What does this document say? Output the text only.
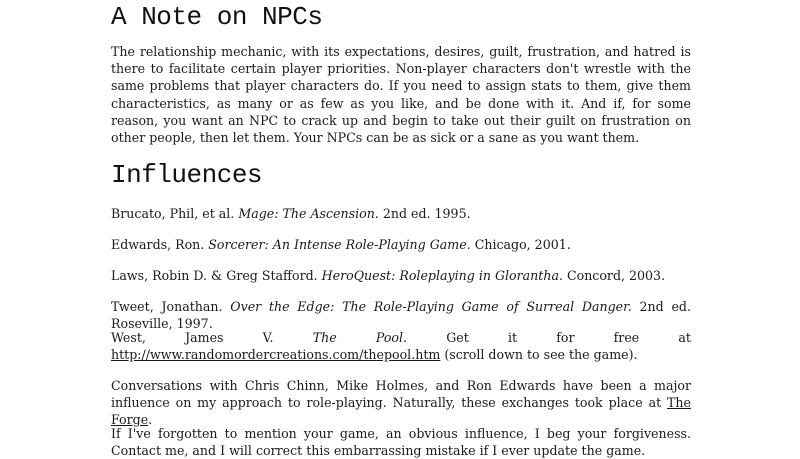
A Note on NPCs

The relationship mechanic, with its expectations, desires, guilt, frustration, and hatred is there to facilitate certain player priorities. Non-player characters don't wrestle with the same problems that player characters do. If you need to assign stats to them, give them characteristics, as many or as few as you like, and be done with it. And if, for some reason, you want an NPC to crack up and begin to take out their guilt on frustration on other people, then let them. Your NPCs can be as sick or a sane as you want them.

Influences

Brucato, Phil, et al. Mage: The Ascension. 2nd ed. 1995.

Edwards, Ron. Sorcerer: An Intense Role-Playing Game. Chicago, 2001.

Laws, Robin D. & Greg Stafford. HeroQuest: Roleplaying in Glorantha. Concord, 2003.

Tweet, Jonathan. Over the Edge: The Role-Playing Game of Surreal Danger. 2nd ed. Roseville, 1997.

West, James V. The Pool. Get it for free at http://www.randomordercreations.com/thepool.htm (scroll down to see the game).

Conversations with Chris Chinn, Mike Holmes, and Ron Edwards have been a major influence on my approach to role-playing. Naturally, these exchanges took place at The Forge.

If I've forgotten to mention your game, an obvious influence, I beg your forgiveness. Contact me, and I will correct this embarrassing mistake if I ever update the game.
